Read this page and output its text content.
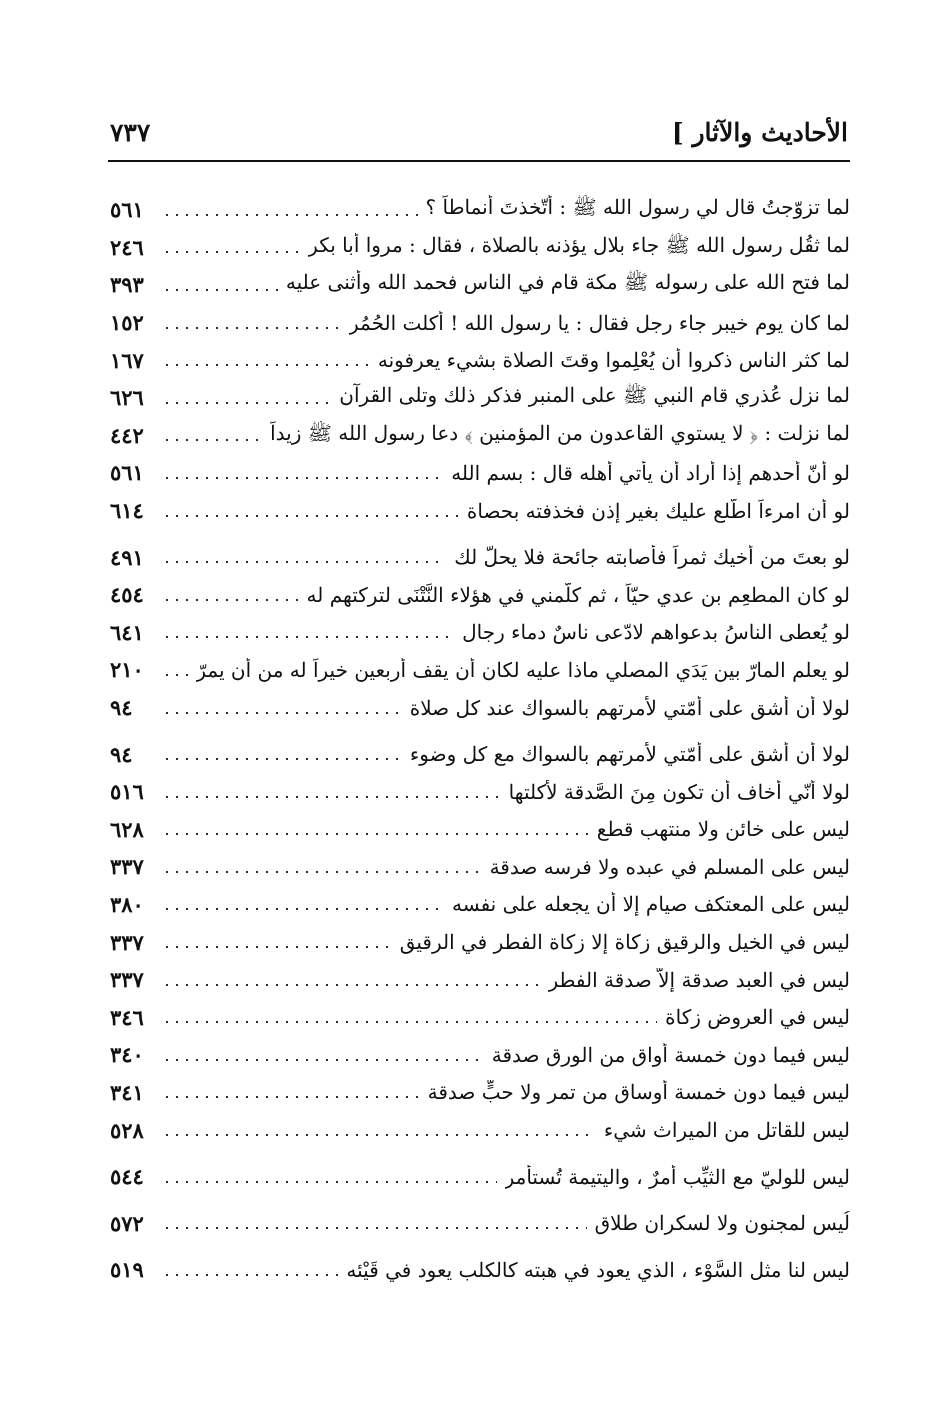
الأحاديث والآثار ]
٧٣٧
لما تزوّجتُ قال لي رسول الله ﷺ : أتّخذتَ أنماطاً ؟
٥٦١
لما ثقُل رسول الله ﷺ جاء بلال يؤذنه بالصلاة ، فقال : مروا أبا بكر
٢٤٦
لما فتح الله على رسوله ﷺ مكة قام في الناس فحمد الله وأثنى عليه
٣٩٣
لما كان يوم خيبر جاء رجل فقال : يا رسول الله ! أكلت الحُمُر
١٥٢
لما كثر الناس ذكروا أن يُعْلِموا وقتَ الصلاة بشيء يعرفونه
١٦٧
لما نزل عُذري قام النبي ﷺ على المنبر فذكر ذلك وتلى القرآن
٦٢٦
لما نزلت : ﴿ لا يستوي القاعدون من المؤمنين ﴾ دعا رسول الله ﷺ زيداً
٤٤٢
لو أنّ أحدهم إذا أراد أن يأتي أهله قال : بسم الله
٥٦١
لو أن امرءاً اطّلع عليك بغير إذن فخذفته بحصاة
٦١٤
لو بعتَ من أخيك ثمراً فأصابته جائحة فلا يحلُّ لك
٤٩١
لو كان المطعِم بن عدي حيّاً ، ثم كلّمني في هؤلاء النَّتْنَى لتركتهم له
٤٥٤
لو يُعطى الناسُ بدعواهم لادّعى ناسٌ دماء رجال
٦٤١
لو يعلم المارّ بين يَدَي المصلي ماذا عليه لكان أن يقف أربعين خيراً له من أن يمرّ
٢١٠
لولا أن أشق على أمّتي لأمرتهم بالسواك عند كل صلاة
٩٤
لولا أن أشق على أمّتي لأمرتهم بالسواك مع كل وضوء
٩٤
لولا أنّي أخاف أن تكون مِنَ الصَّدقة لأكلتها
٥١٦
ليس على خائن ولا منتهب قطع
٦٢٨
ليس على المسلم في عبده ولا فرسه صدقة
٣٣٧
ليس على المعتكف صيام إلا أن يجعله على نفسه
٣٨٠
ليس في الخيل والرقيق زكاة إلا زكاة الفطر في الرقيق
٣٣٧
ليس في العبد صدقة إلاّ صدقة الفطر
٣٣٧
ليس في العروض زكاة
٣٤٦
ليس فيما دون خمسة أواق من الورِق صدقة
٣٤٠
ليس فيما دون خمسة أوساق من تمرٍ ولا حبٍّ صدقة
٣٤١
ليس للقاتل من الميراث شيء
٥٢٨
ليس للوليّ مع الثيِّب أمرٌ ، واليتيمة تُستأمر
٥٤٤
لُيس لمجنون ولا لسكران طلاق
٥٧٢
ليس لنا مثل السَّوْء ، الذي يعود في هبته كالكلب يعود في قَيْئه
٥١٩
